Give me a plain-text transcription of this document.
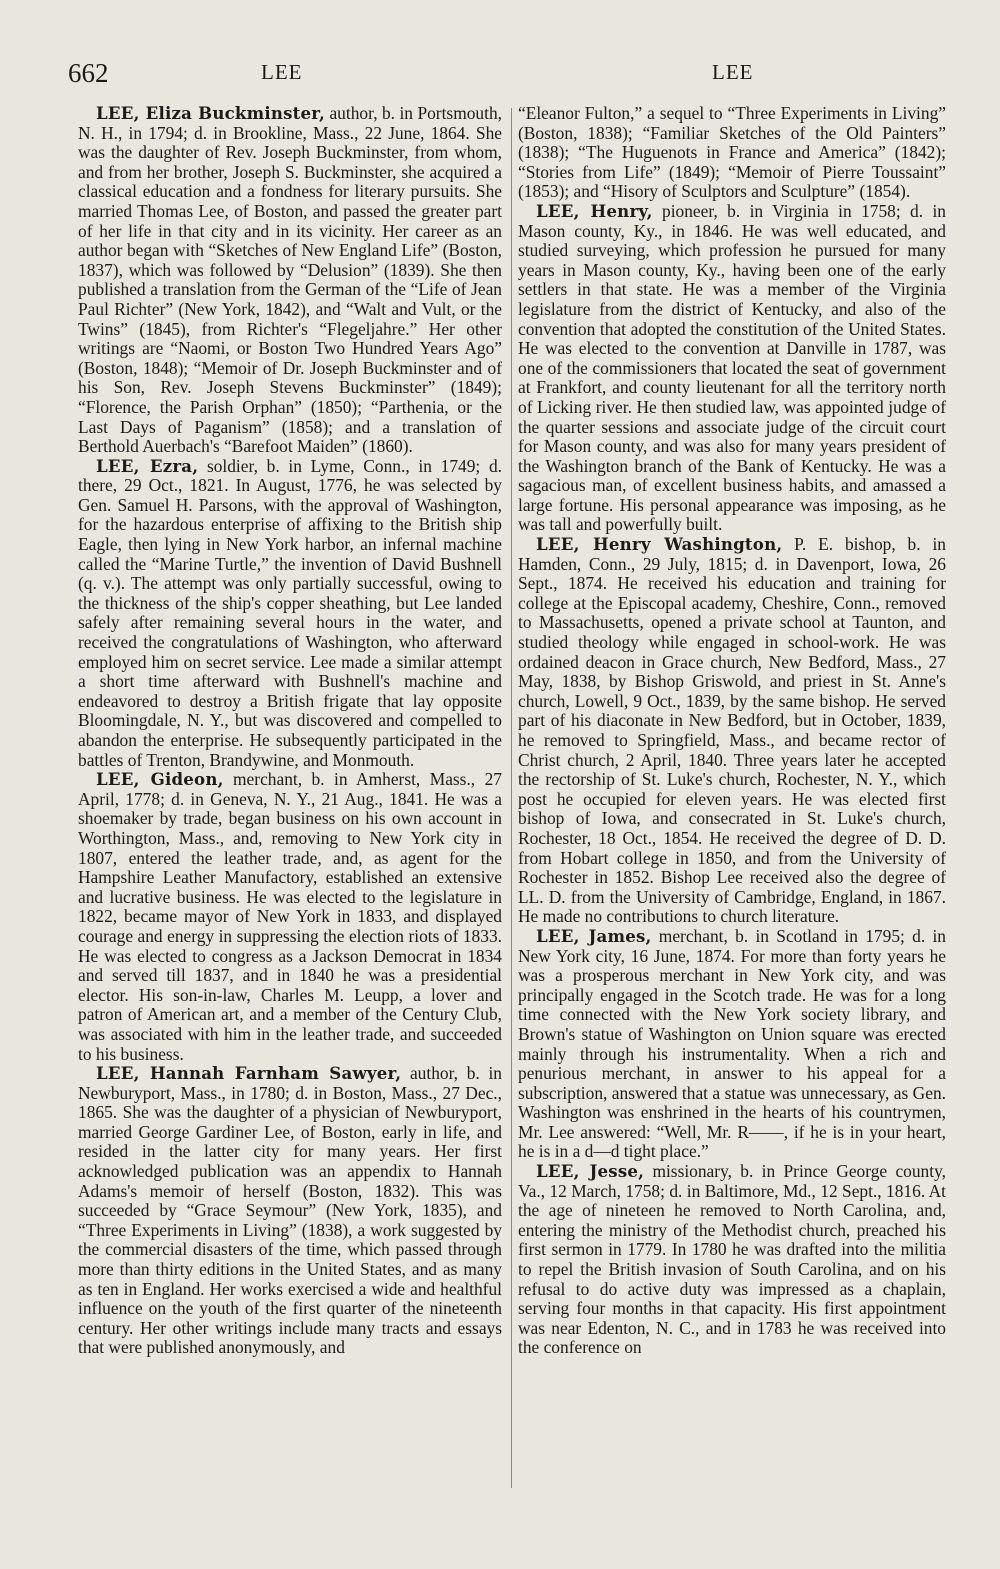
662	LEE	LEE

LEE, Eliza Buckminster, author, b. in Portsmouth, N. H., in 1794; d. in Brookline, Mass., 22 June, 1864. She was the daughter of Rev. Joseph Buckminster, from whom, and from her brother, Joseph S. Buckminster, she acquired a classical education and a fondness for literary pursuits. She married Thomas Lee, of Boston, and passed the greater part of her life in that city and in its vicinity. Her career as an author began with “Sketches of New England Life” (Boston, 1837), which was followed by “Delusion” (1839). She then published a translation from the German of the “Life of Jean Paul Richter” (New York, 1842), and “Walt and Vult, or the Twins” (1845), from Richter's “Flegeljahre.” Her other writings are “Naomi, or Boston Two Hundred Years Ago” (Boston, 1848); “Memoir of Dr. Joseph Buckminster and of his Son, Rev. Joseph Stevens Buckminster” (1849); “Florence, the Parish Orphan” (1850); “Parthenia, or the Last Days of Paganism” (1858); and a translation of Berthold Auerbach's “Barefoot Maiden” (1860).

LEE, Ezra, soldier, b. in Lyme, Conn., in 1749; d. there, 29 Oct., 1821. In August, 1776, he was selected by Gen. Samuel H. Parsons, with the approval of Washington, for the hazardous enterprise of affixing to the British ship Eagle, then lying in New York harbor, an infernal machine called the “Marine Turtle,” the invention of David Bushnell (q. v.). The attempt was only partially successful, owing to the thickness of the ship's copper sheathing, but Lee landed safely after remaining several hours in the water, and received the congratulations of Washington, who afterward employed him on secret service. Lee made a similar attempt a short time afterward with Bushnell's machine and endeavored to destroy a British frigate that lay opposite Bloomingdale, N. Y., but was discovered and compelled to abandon the enterprise. He subsequently participated in the battles of Trenton, Brandywine, and Monmouth.

LEE, Gideon, merchant, b. in Amherst, Mass., 27 April, 1778; d. in Geneva, N. Y., 21 Aug., 1841. He was a shoemaker by trade, began business on his own account in Worthington, Mass., and, removing to New York city in 1807, entered the leather trade, and, as agent for the Hampshire Leather Manufactory, established an extensive and lucrative business. He was elected to the legislature in 1822, became mayor of New York in 1833, and displayed courage and energy in suppressing the election riots of 1833. He was elected to congress as a Jackson Democrat in 1834 and served till 1837, and in 1840 he was a presidential elector. His son-in-law, Charles M. Leupp, a lover and patron of American art, and a member of the Century Club, was associated with him in the leather trade, and succeeded to his business.

LEE, Hannah Farnham Sawyer, author, b. in Newburyport, Mass., in 1780; d. in Boston, Mass., 27 Dec., 1865. She was the daughter of a physician of Newburyport, married George Gardiner Lee, of Boston, early in life, and resided in the latter city for many years. Her first acknowledged publication was an appendix to Hannah Adams's memoir of herself (Boston, 1832). This was succeeded by “Grace Seymour” (New York, 1835), and “Three Experiments in Living” (1838), a work suggested by the commercial disasters of the time, which passed through more than thirty editions in the United States, and as many as ten in England. Her works exercised a wide and healthful influence on the youth of the first quarter of the nineteenth century. Her other writings include many tracts and essays that were published anonymously, and

“Eleanor Fulton,” a sequel to “Three Experiments in Living” (Boston, 1838); “Familiar Sketches of the Old Painters” (1838); “The Huguenots in France and America” (1842); “Stories from Life” (1849); “Memoir of Pierre Toussaint” (1853); and “Hisory of Sculptors and Sculpture” (1854).

LEE, Henry, pioneer, b. in Virginia in 1758; d. in Mason county, Ky., in 1846. He was well educated, and studied surveying, which profession he pursued for many years in Mason county, Ky., having been one of the early settlers in that state. He was a member of the Virginia legislature from the district of Kentucky, and also of the convention that adopted the constitution of the United States. He was elected to the convention at Danville in 1787, was one of the commissioners that located the seat of government at Frankfort, and county lieutenant for all the territory north of Licking river. He then studied law, was appointed judge of the quarter sessions and associate judge of the circuit court for Mason county, and was also for many years president of the Washington branch of the Bank of Kentucky. He was a sagacious man, of excellent business habits, and amassed a large fortune. His personal appearance was imposing, as he was tall and powerfully built.

LEE, Henry Washington, P. E. bishop, b. in Hamden, Conn., 29 July, 1815; d. in Davenport, Iowa, 26 Sept., 1874. He received his education and training for college at the Episcopal academy, Cheshire, Conn., removed to Massachusetts, opened a private school at Taunton, and studied theology while engaged in school-work. He was ordained deacon in Grace church, New Bedford, Mass., 27 May, 1838, by Bishop Griswold, and priest in St. Anne's church, Lowell, 9 Oct., 1839, by the same bishop. He served part of his diaconate in New Bedford, but in October, 1839, he removed to Springfield, Mass., and became rector of Christ church, 2 April, 1840. Three years later he accepted the rectorship of St. Luke's church, Rochester, N. Y., which post he occupied for eleven years. He was elected first bishop of Iowa, and consecrated in St. Luke's church, Rochester, 18 Oct., 1854. He received the degree of D. D. from Hobart college in 1850, and from the University of Rochester in 1852. Bishop Lee received also the degree of LL. D. from the University of Cambridge, England, in 1867. He made no contributions to church literature.

LEE, James, merchant, b. in Scotland in 1795; d. in New York city, 16 June, 1874. For more than forty years he was a prosperous merchant in New York city, and was principally engaged in the Scotch trade. He was for a long time connected with the New York society library, and Brown's statue of Washington on Union square was erected mainly through his instrumentality. When a rich and penurious merchant, in answer to his appeal for a subscription, answered that a statue was unnecessary, as Gen. Washington was enshrined in the hearts of his countrymen, Mr. Lee answered: “Well, Mr. R——, if he is in your heart, he is in a d—d tight place.”

LEE, Jesse, missionary, b. in Prince George county, Va., 12 March, 1758; d. in Baltimore, Md., 12 Sept., 1816. At the age of nineteen he removed to North Carolina, and, entering the ministry of the Methodist church, preached his first sermon in 1779. In 1780 he was drafted into the militia to repel the British invasion of South Carolina, and on his refusal to do active duty was impressed as a chaplain, serving four months in that capacity. His first appointment was near Edenton, N. C., and in 1783 he was received into the conference on
